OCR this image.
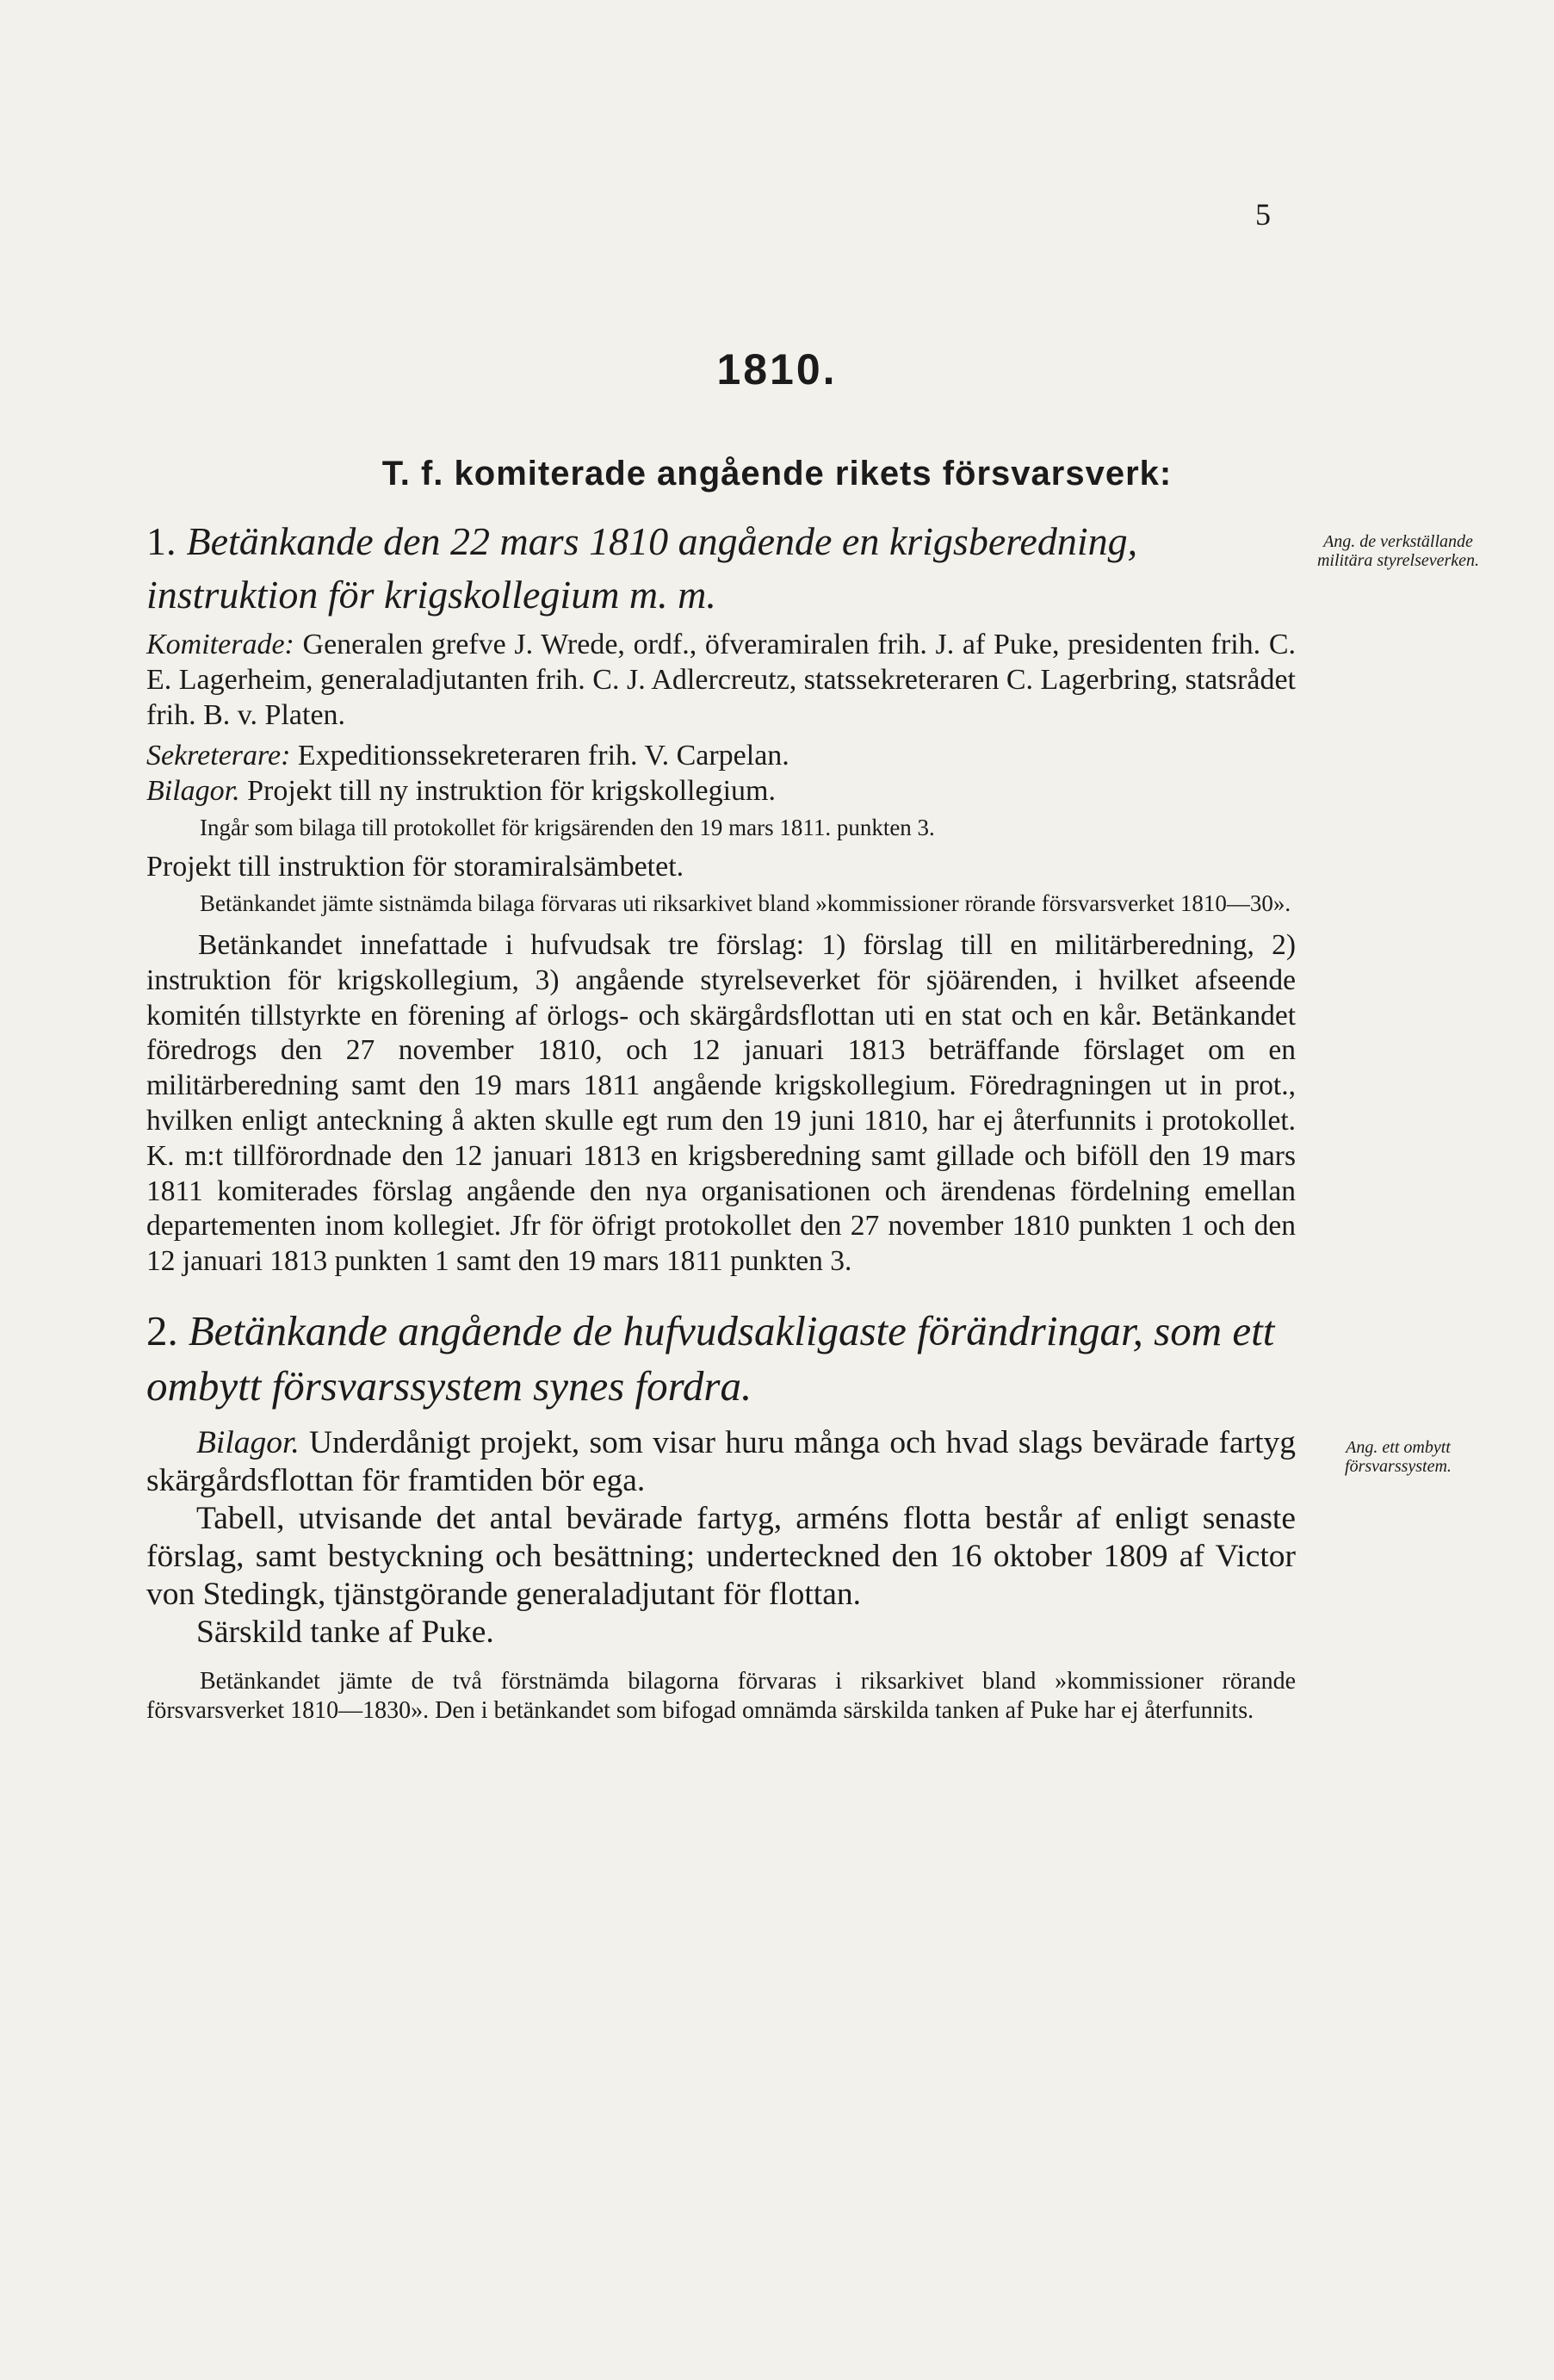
5
1810.
T. f. komiterade angående rikets försvarsverk:
Ang. de verkställande militära styrelseverken.
Ang. ett ombytt försvarssystem.

1. Betänkande den 22 mars 1810 angående en krigsberedning, instruktion för krigskollegium m. m.

Komiterade: Generalen grefve J. Wrede, ordf., öfveramiralen frih. J. af Puke, presidenten frih. C. E. Lagerheim, generaladjutanten frih. C. J. Adlercreutz, statssekreteraren C. Lagerbring, statsrådet frih. B. v. Platen.

Sekreterare: Expeditionssekreteraren frih. V. Carpelan.

Bilagor. Projekt till ny instruktion för krigskollegium.

Ingår som bilaga till protokollet för krigsärenden den 19 mars 1811. punkten 3.

Projekt till instruktion för storamiralsämbetet.

Betänkandet jämte sistnämda bilaga förvaras uti riksarkivet bland »kommissioner rörande försvarsverket 1810—30».

Betänkandet innefattade i hufvudsak tre förslag: 1) förslag till en militärberedning, 2) instruktion för krigskollegium, 3) angående styrelseverket för sjöärenden, i hvilket afseende komitén tillstyrkte en förening af örlogs- och skärgårdsflottan uti en stat och en kår. Betänkandet föredrogs den 27 november 1810, och 12 januari 1813 beträffande förslaget om en militärberedning samt den 19 mars 1811 angående krigskollegium. Föredragningen ut in prot., hvilken enligt anteckning å akten skulle egt rum den 19 juni 1810, har ej återfunnits i protokollet. K. m:t tillförordnade den 12 januari 1813 en krigsberedning samt gillade och biföll den 19 mars 1811 komiterades förslag angående den nya organisationen och ärendenas fördelning emellan departementen inom kollegiet. Jfr för öfrigt protokollet den 27 november 1810 punkten 1 och den 12 januari 1813 punkten 1 samt den 19 mars 1811 punkten 3.

2. Betänkande angående de hufvudsakligaste förändringar, som ett ombytt försvarssystem synes fordra.

Bilagor. Underdånigt projekt, som visar huru många och hvad slags bevärade fartyg skärgårdsflottan för framtiden bör ega.

Tabell, utvisande det antal bevärade fartyg, arméns flotta består af enligt senaste förslag, samt bestyckning och besättning; underteckned den 16 oktober 1809 af Victor von Stedingk, tjänstgörande generaladjutant för flottan.

Särskild tanke af Puke.

Betänkandet jämte de två förstnämda bilagorna förvaras i riksarkivet bland »kommissioner rörande försvarsverket 1810—1830». Den i betänkandet som bifogad omnämda särskilda tanken af Puke har ej återfunnits.
